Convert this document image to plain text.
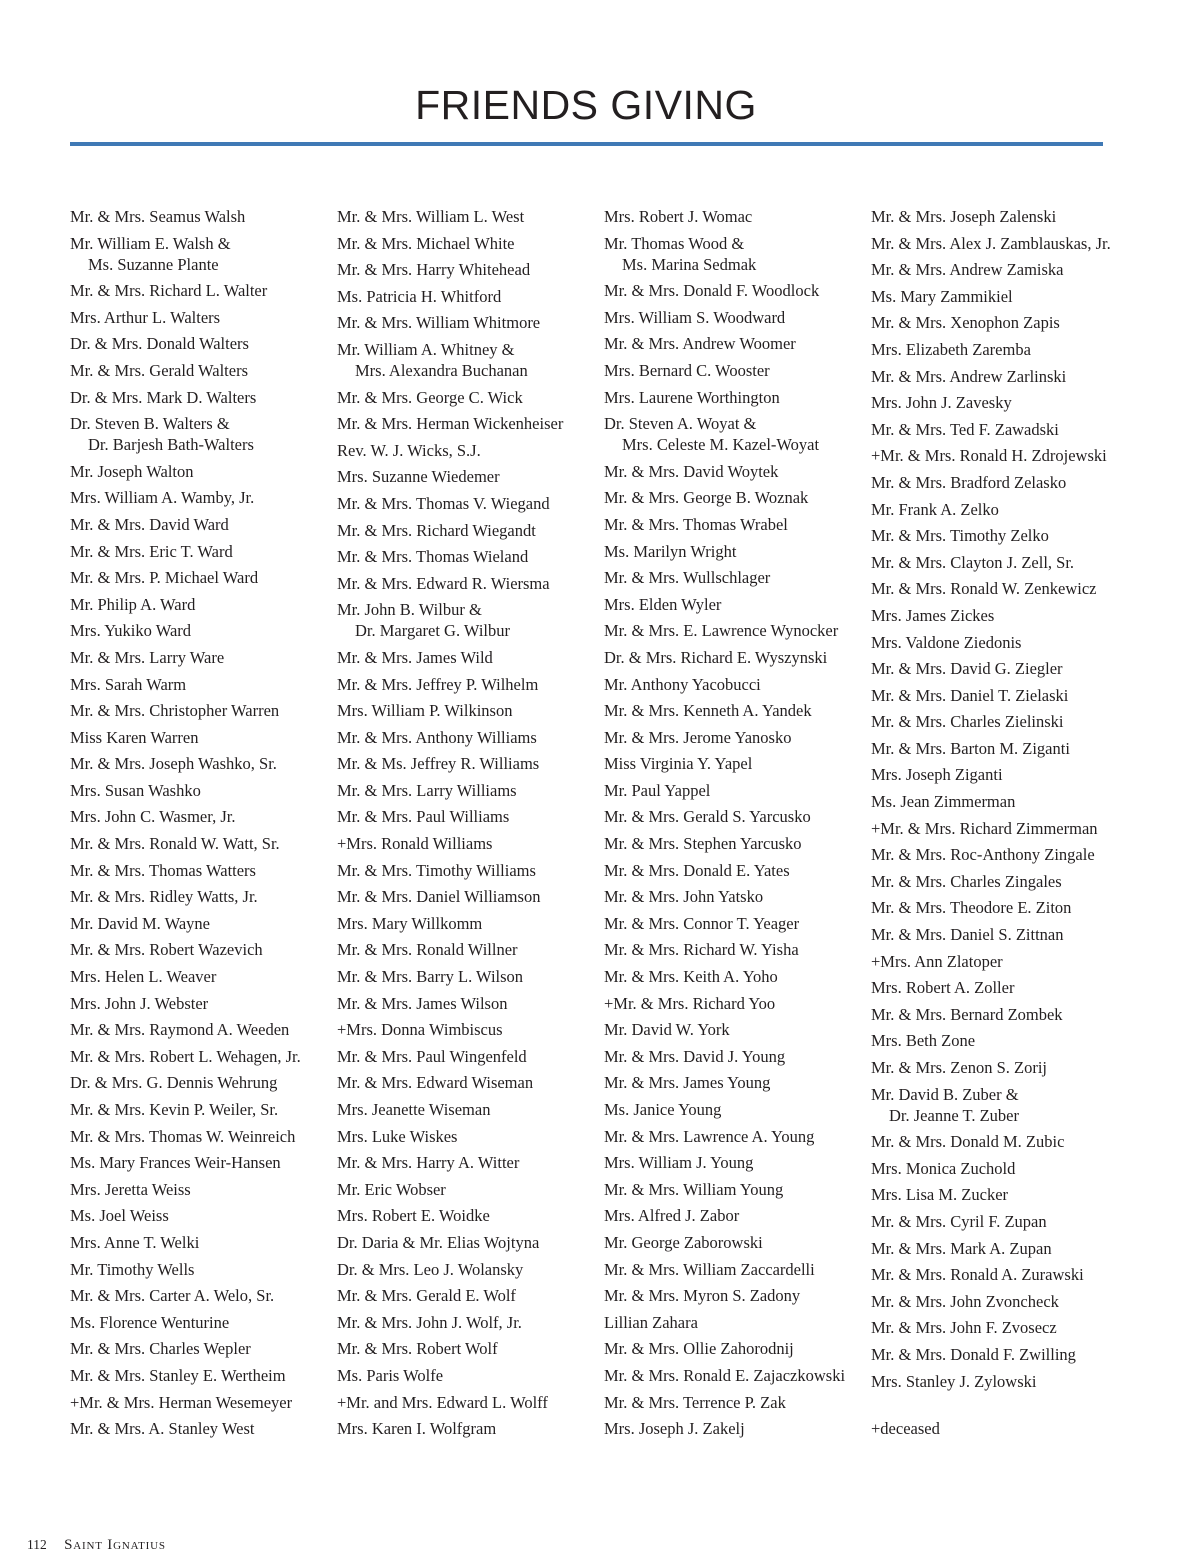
FRIENDS GIVING
Mr. & Mrs. Seamus Walsh
Mr. William E. Walsh &
Ms. Suzanne Plante
Mr. & Mrs. Richard L. Walter
Mrs. Arthur L. Walters
Dr. & Mrs. Donald Walters
Mr. & Mrs. Gerald Walters
Dr. & Mrs. Mark D. Walters
Dr. Steven B. Walters &
Dr. Barjesh Bath-Walters
Mr. Joseph Walton
Mrs. William A. Wamby, Jr.
Mr. & Mrs. David Ward
Mr. & Mrs. Eric T. Ward
Mr. & Mrs. P. Michael Ward
Mr. Philip A. Ward
Mrs. Yukiko Ward
Mr. & Mrs. Larry Ware
Mrs. Sarah Warm
Mr. & Mrs. Christopher Warren
Miss Karen Warren
Mr. & Mrs. Joseph Washko, Sr.
Mrs. Susan Washko
Mrs. John C. Wasmer, Jr.
Mr. & Mrs. Ronald W. Watt, Sr.
Mr. & Mrs. Thomas Watters
Mr. & Mrs. Ridley Watts, Jr.
Mr. David M. Wayne
Mr. & Mrs. Robert Wazevich
Mrs. Helen L. Weaver
Mrs. John J. Webster
Mr. & Mrs. Raymond A. Weeden
Mr. & Mrs. Robert L. Wehagen, Jr.
Dr. & Mrs. G. Dennis Wehrung
Mr. & Mrs. Kevin P. Weiler, Sr.
Mr. & Mrs. Thomas W. Weinreich
Ms. Mary Frances Weir-Hansen
Mrs. Jeretta Weiss
Ms. Joel Weiss
Mrs. Anne T. Welki
Mr. Timothy Wells
Mr. & Mrs. Carter A. Welo, Sr.
Ms. Florence Wenturine
Mr. & Mrs. Charles Wepler
Mr. & Mrs. Stanley E. Wertheim
+Mr. & Mrs. Herman Wesemeyer
Mr. & Mrs. A. Stanley West
Mr. & Mrs. William L. West
Mr. & Mrs. Michael White
Mr. & Mrs. Harry Whitehead
Ms. Patricia H. Whitford
Mr. & Mrs. William Whitmore
Mr. William A. Whitney &
Mrs. Alexandra Buchanan
Mr. & Mrs. George C. Wick
Mr. & Mrs. Herman Wickenheiser
Rev. W. J. Wicks, S.J.
Mrs. Suzanne Wiedemer
Mr. & Mrs. Thomas V. Wiegand
Mr. & Mrs. Richard Wiegandt
Mr. & Mrs. Thomas Wieland
Mr. & Mrs. Edward R. Wiersma
Mr. John B. Wilbur &
Dr. Margaret G. Wilbur
Mr. & Mrs. James Wild
Mr. & Mrs. Jeffrey P. Wilhelm
Mrs. William P. Wilkinson
Mr. & Mrs. Anthony Williams
Mr. & Ms. Jeffrey R. Williams
Mr. & Mrs. Larry Williams
Mr. & Mrs. Paul Williams
+Mrs. Ronald Williams
Mr. & Mrs. Timothy Williams
Mr. & Mrs. Daniel Williamson
Mrs. Mary Willkomm
Mr. & Mrs. Ronald Willner
Mr. & Mrs. Barry L. Wilson
Mr. & Mrs. James Wilson
+Mrs. Donna Wimbiscus
Mr. & Mrs. Paul Wingenfeld
Mr. & Mrs. Edward Wiseman
Mrs. Jeanette Wiseman
Mrs. Luke Wiskes
Mr. & Mrs. Harry A. Witter
Mr. Eric Wobser
Mrs. Robert E. Woidke
Dr. Daria & Mr. Elias Wojtyna
Dr. & Mrs. Leo J. Wolansky
Mr. & Mrs. Gerald E. Wolf
Mr. & Mrs. John J. Wolf, Jr.
Mr. & Mrs. Robert Wolf
Ms. Paris Wolfe
+Mr. and Mrs. Edward L. Wolff
Mrs. Karen I. Wolfgram
Mrs. Robert J. Womac
Mr. Thomas Wood &
Ms. Marina Sedmak
Mr. & Mrs. Donald F. Woodlock
Mrs. William S. Woodward
Mr. & Mrs. Andrew Woomer
Mrs. Bernard C. Wooster
Mrs. Laurene Worthington
Dr. Steven A. Woyat &
Mrs. Celeste M. Kazel-Woyat
Mr. & Mrs. David Woytek
Mr. & Mrs. George B. Woznak
Mr. & Mrs. Thomas Wrabel
Ms. Marilyn Wright
Mr. & Mrs. Wullschlager
Mrs. Elden Wyler
Mr. & Mrs. E. Lawrence Wynocker
Dr. & Mrs. Richard E. Wyszynski
Mr. Anthony Yacobucci
Mr. & Mrs. Kenneth A. Yandek
Mr. & Mrs. Jerome Yanosko
Miss Virginia Y. Yapel
Mr. Paul Yappel
Mr. & Mrs. Gerald S. Yarcusko
Mr. & Mrs. Stephen Yarcusko
Mr. & Mrs. Donald E. Yates
Mr. & Mrs. John Yatsko
Mr. & Mrs. Connor T. Yeager
Mr. & Mrs. Richard W. Yisha
Mr. & Mrs. Keith A. Yoho
+Mr. & Mrs. Richard Yoo
Mr. David W. York
Mr. & Mrs. David J. Young
Mr. & Mrs. James Young
Ms. Janice Young
Mr. & Mrs. Lawrence A. Young
Mrs. William J. Young
Mr. & Mrs. William Young
Mrs. Alfred J. Zabor
Mr. George Zaborowski
Mr. & Mrs. William Zaccardelli
Mr. & Mrs. Myron S. Zadony
Lillian Zahara
Mr. & Mrs. Ollie Zahorodnij
Mr. & Mrs. Ronald E. Zajaczkowski
Mr. & Mrs. Terrence P. Zak
Mrs. Joseph J. Zakelj
Mr. & Mrs. Joseph Zalenski
Mr. & Mrs. Alex J. Zamblauskas, Jr.
Mr. & Mrs. Andrew Zamiska
Ms. Mary Zammikiel
Mr. & Mrs. Xenophon Zapis
Mrs. Elizabeth Zaremba
Mr. & Mrs. Andrew Zarlinski
Mrs. John J. Zavesky
Mr. & Mrs. Ted F. Zawadski
+Mr. & Mrs. Ronald H. Zdrojewski
Mr. & Mrs. Bradford Zelasko
Mr. Frank A. Zelko
Mr. & Mrs. Timothy Zelko
Mr. & Mrs. Clayton J. Zell, Sr.
Mr. & Mrs. Ronald W. Zenkewicz
Mrs. James Zickes
Mrs. Valdone Ziedonis
Mr. & Mrs. David G. Ziegler
Mr. & Mrs. Daniel T. Zielaski
Mr. & Mrs. Charles Zielinski
Mr. & Mrs. Barton M. Ziganti
Mrs. Joseph Ziganti
Ms. Jean Zimmerman
+Mr. & Mrs. Richard Zimmerman
Mr. & Mrs. Roc-Anthony Zingale
Mr. & Mrs. Charles Zingales
Mr. & Mrs. Theodore E. Ziton
Mr. & Mrs. Daniel S. Zittnan
+Mrs. Ann Zlatoper
Mrs. Robert A. Zoller
Mr. & Mrs. Bernard Zombek
Mrs. Beth Zone
Mr. & Mrs. Zenon S. Zorij
Mr. David B. Zuber &
Dr. Jeanne T. Zuber
Mr. & Mrs. Donald M. Zubic
Mrs. Monica Zuchold
Mrs. Lisa M. Zucker
Mr. & Mrs. Cyril F. Zupan
Mr. & Mrs. Mark A. Zupan
Mr. & Mrs. Ronald A. Zurawski
Mr. & Mrs. John Zvoncheck
Mr. & Mrs. John F. Zvosecz
Mr. & Mrs. Donald F. Zwilling
Mrs. Stanley J. Zylowski
+deceased
112 Saint Ignatius
